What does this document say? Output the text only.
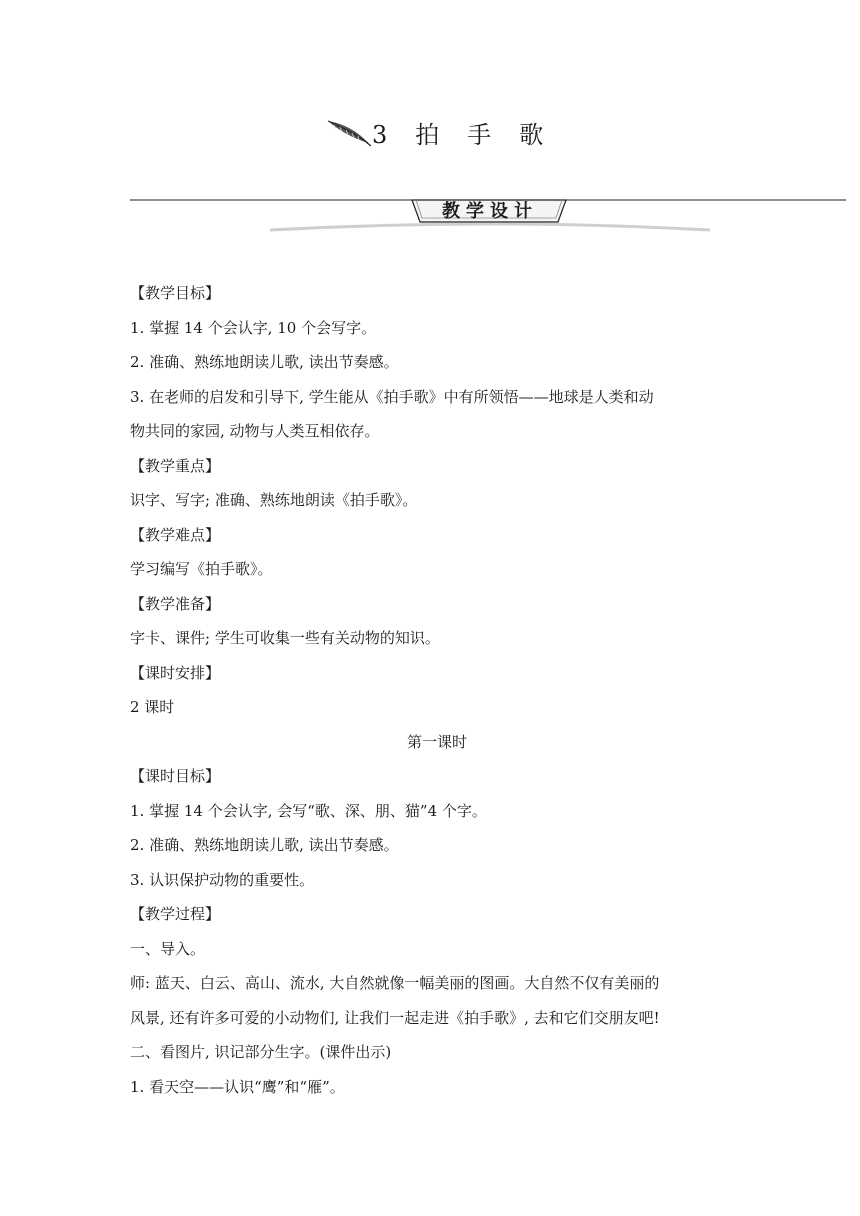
3　拍　手　歌
教学设计
【教学目标】
1. 掌握 14 个会认字, 10 个会写字。
2. 准确、熟练地朗读儿歌, 读出节奏感。
3. 在老师的启发和引导下, 学生能从《拍手歌》中有所领悟——地球是人类和动
物共同的家园, 动物与人类互相依存。
【教学重点】
识字、写字; 准确、熟练地朗读《拍手歌》。
【教学难点】
学习编写《拍手歌》。
【教学准备】
字卡、课件; 学生可收集一些有关动物的知识。
【课时安排】
2 课时
第一课时
【课时目标】
1. 掌握 14 个会认字, 会写“歌、深、朋、猫”4 个字。
2. 准确、熟练地朗读儿歌, 读出节奏感。
3. 认识保护动物的重要性。
【教学过程】
一、导入。
师: 蓝天、白云、高山、流水, 大自然就像一幅美丽的图画。大自然不仅有美丽的
风景, 还有许多可爱的小动物们, 让我们一起走进《拍手歌》, 去和它们交朋友吧!
二、看图片, 识记部分生字。(课件出示)
1. 看天空——认识“鹰”和“雁”。
